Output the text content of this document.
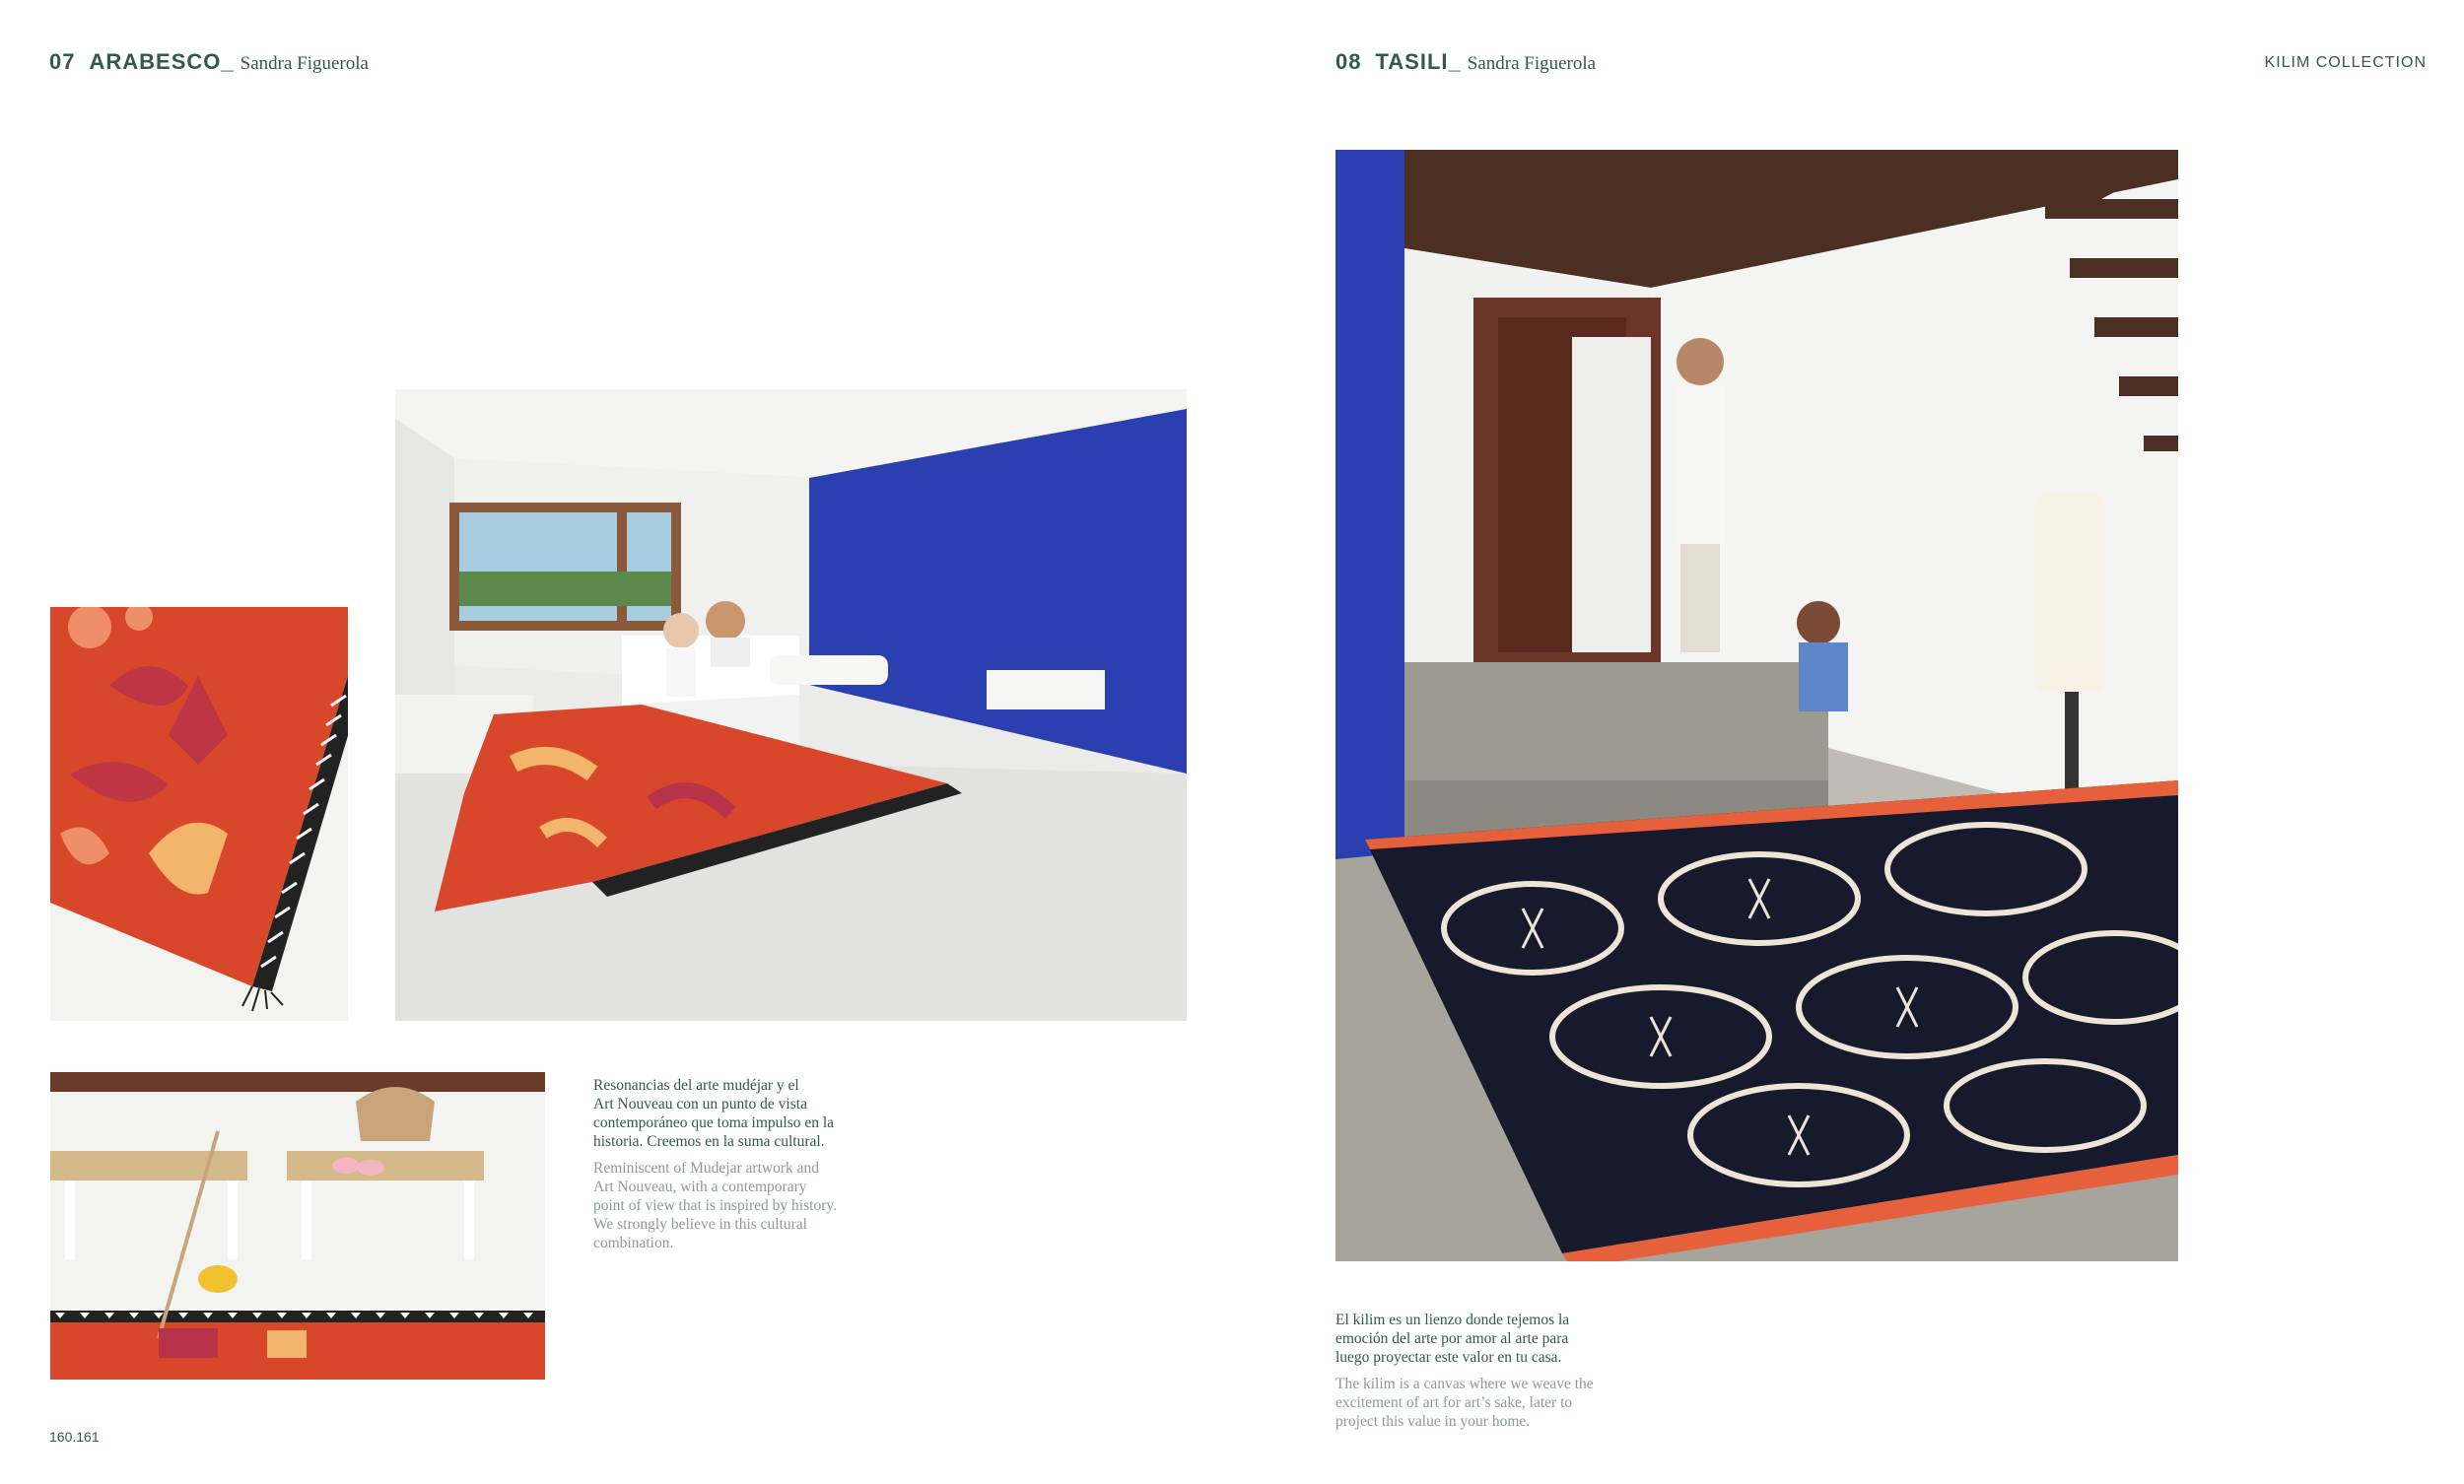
07 ARABESCO_ Sandra Figuerola

Resonancias del arte mudéjar y el
Art Nouveau con un punto de vista
contemporáneo que toma impulso en la
historia. Creemos en la suma cultural.

Reminiscent of Mudejar artwork and
Art Nouveau, with a contemporary
point of view that is inspired by history.
We strongly believe in this cultural
combination.

160.161
08 TASILI_ Sandra Figuerola	KILIM COLLECTION

El kilim es un lienzo donde tejemos la
emoción del arte por amor al arte para
luego proyectar este valor en tu casa.

The kilim is a canvas where we weave the
excitement of art for art’s sake, later to
project this value in your home.
